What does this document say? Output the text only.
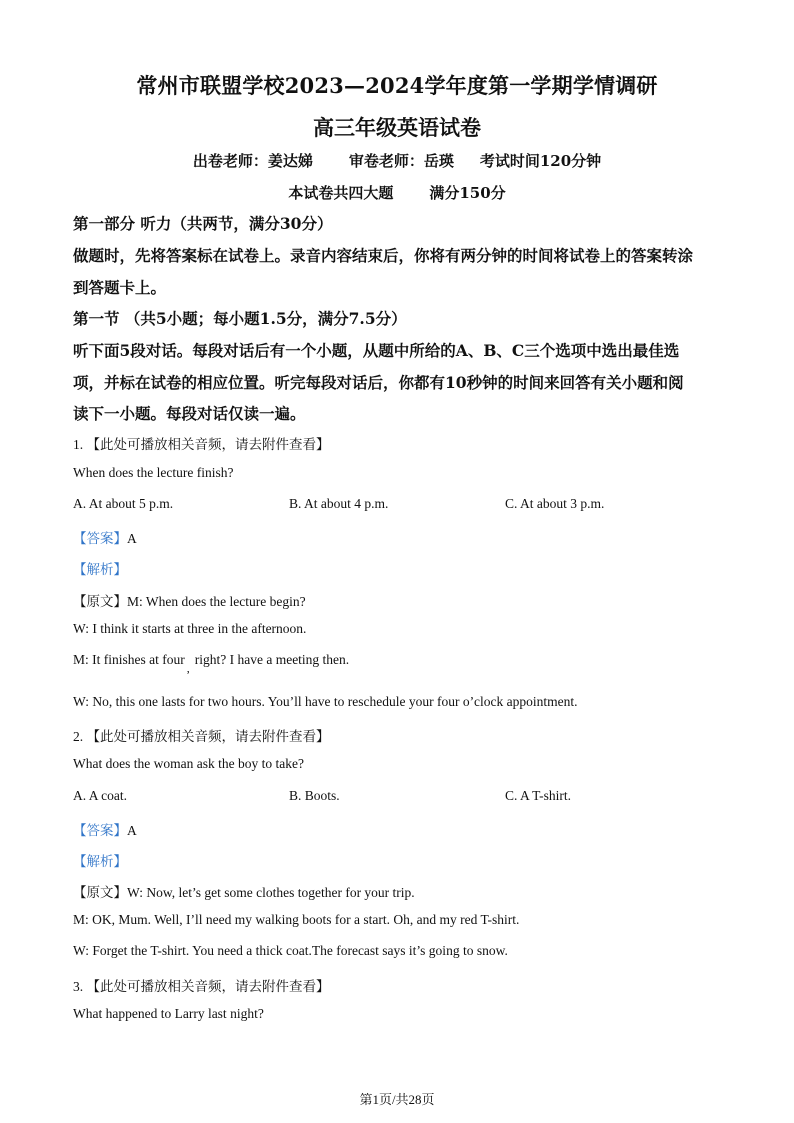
常州市联盟学校2023—2024学年度第一学期学情调研
高三年级英语试卷
出卷老师：姜达娣 审卷老师：岳瑛 考试时间120分钟
本试卷共四大题 满分150分
第一部分 听力（共两节，满分30分）
做题时，先将答案标在试卷上。录音内容结束后，你将有两分钟的时间将试卷上的答案转涂
到答题卡上。
第一节 （共5小题；每小题1.5分，满分7.5分）
听下面5段对话。每段对话后有一个小题，从题中所给的A、B、C三个选项中选出最佳选
项，并标在试卷的相应位置。听完每段对话后，你都有10秒钟的时间来回答有关小题和阅
读下一小题。每段对话仅读一遍。
1. 【此处可播放相关音频，请去附件查看】
When does the lecture finish?
A. At about 5 p.m.	B. At about 4 p.m.	C. At about 3 p.m.
【答案】A
【解析】
【原文】M: When does the lecture begin?
W: I think it starts at three in the afternoon.
M: It finishes at four,right? I have a meeting then.
W: No, this one lasts for two hours. You’ll have to reschedule your four o’clock appointment.
2. 【此处可播放相关音频，请去附件查看】
What does the woman ask the boy to take?
A. A coat.	B. Boots.	C. A T-shirt.
【答案】A
【解析】
【原文】W: Now, let’s get some clothes together for your trip.
M: OK, Mum. Well, I’ll need my walking boots for a start. Oh, and my red T-shirt.
W: Forget the T-shirt. You need a thick coat.The forecast says it’s going to snow.
3. 【此处可播放相关音频，请去附件查看】
What happened to Larry last night?
第1页/共28页
